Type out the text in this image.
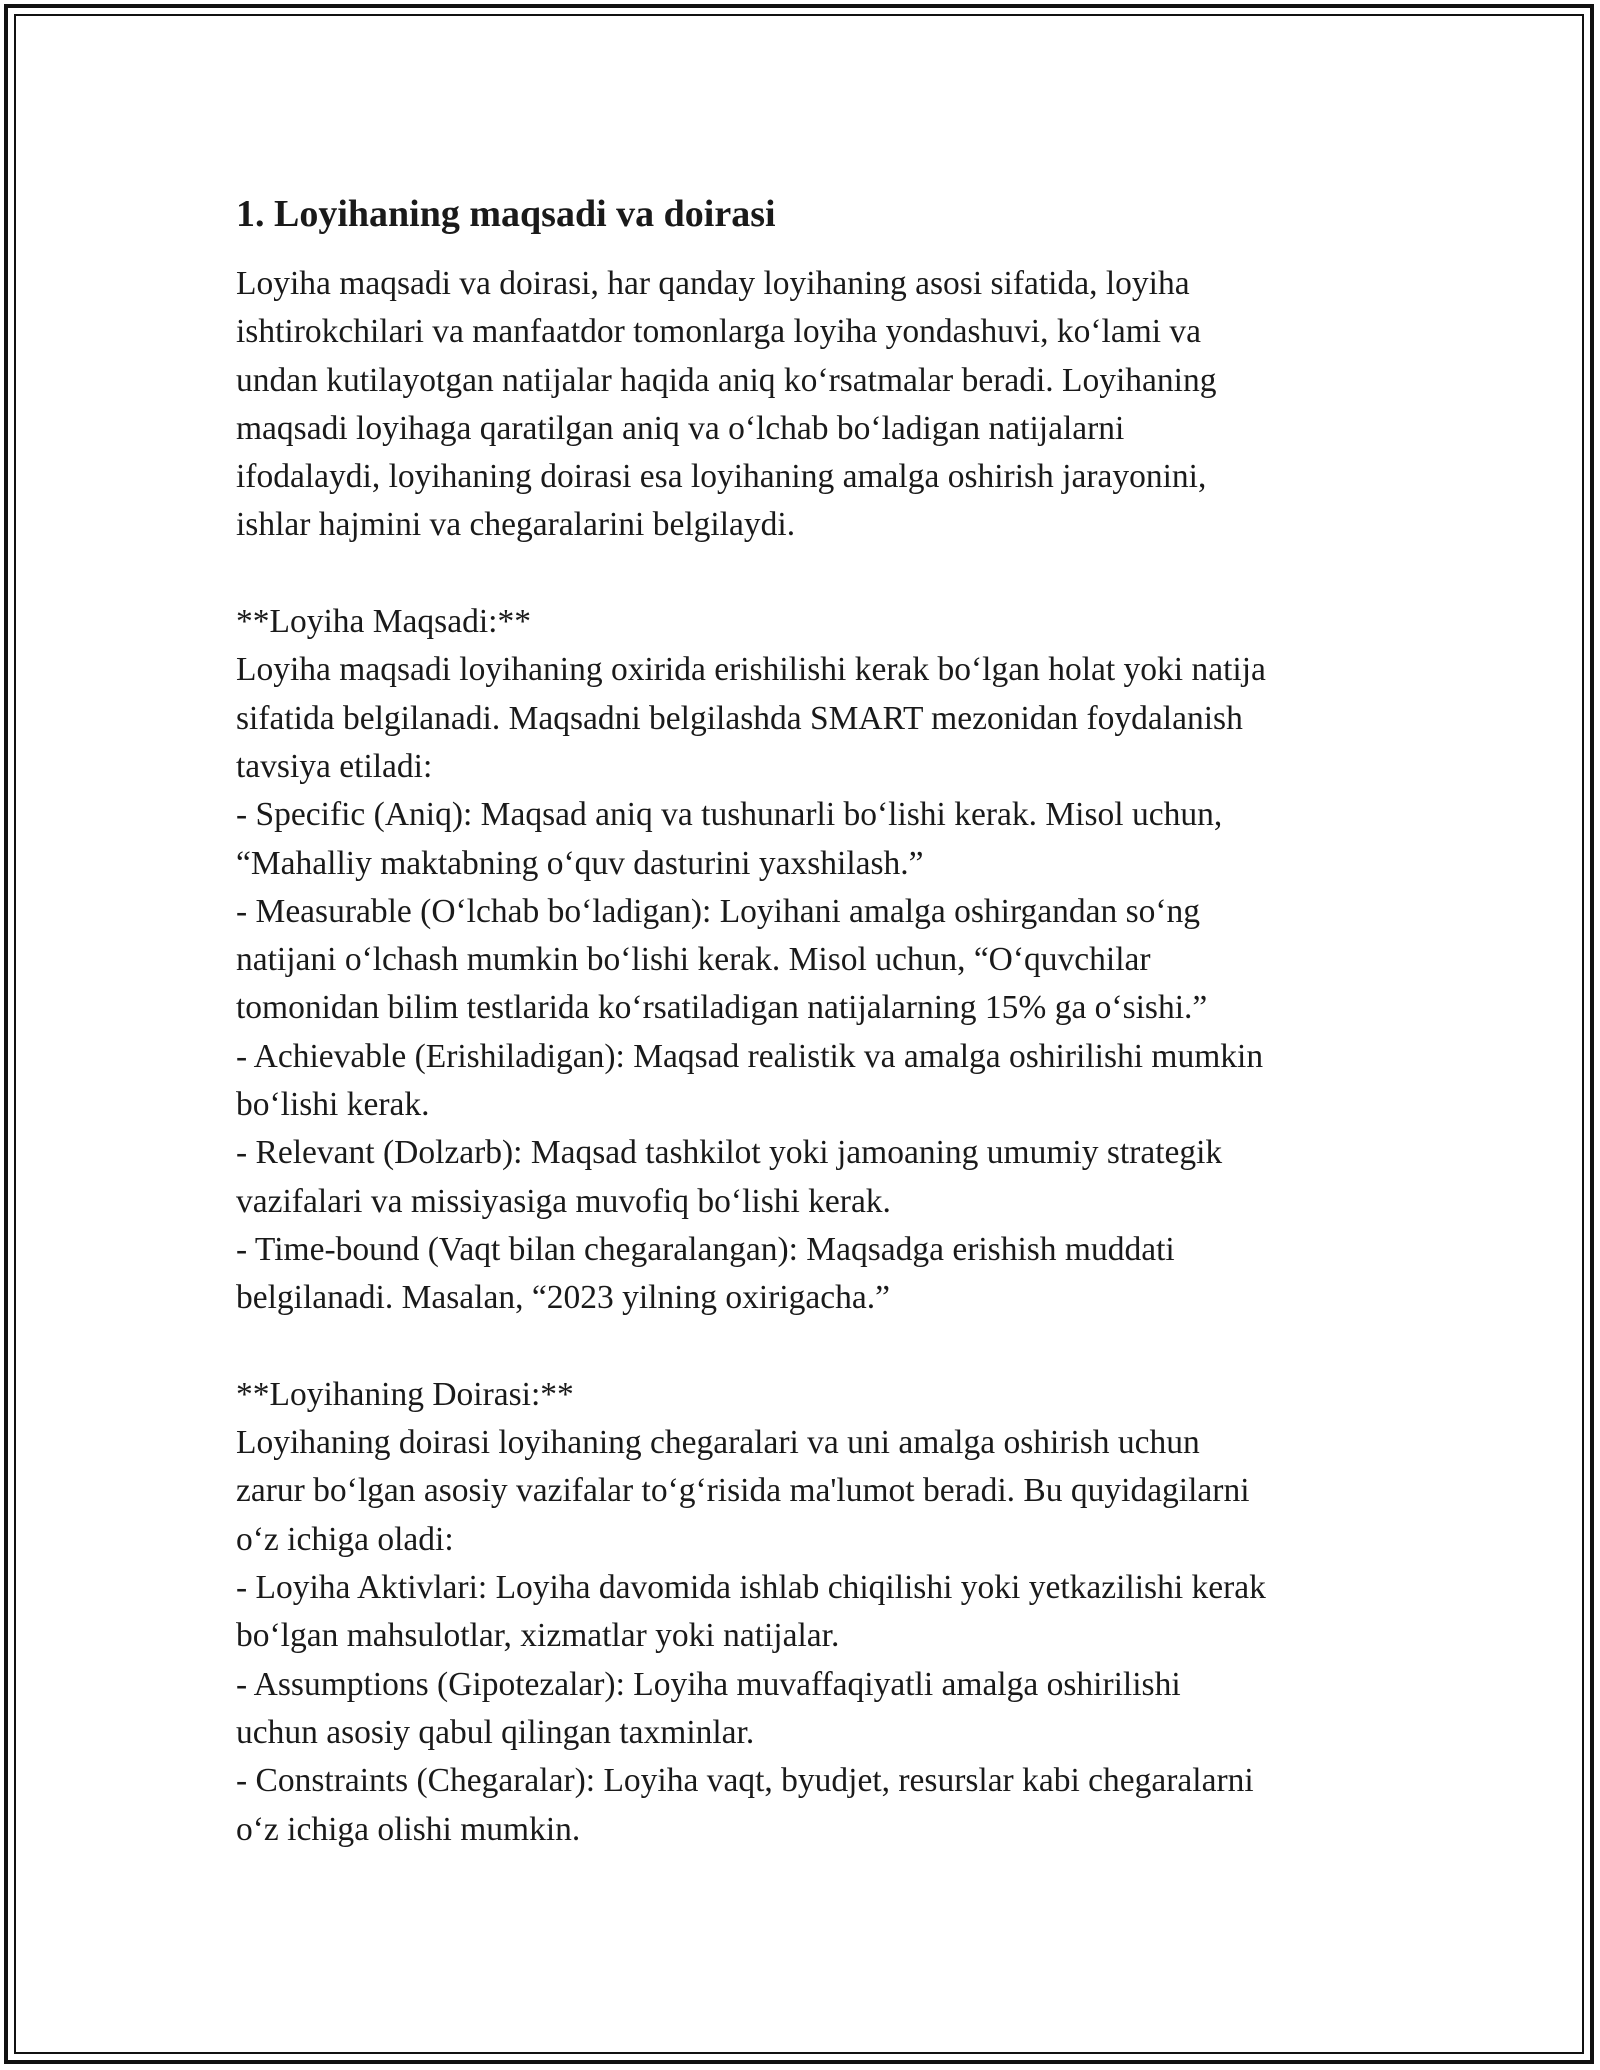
1. Loyihaning maqsadi va doirasi
Loyiha maqsadi va doirasi, har qanday loyihaning asosi sifatida, loyiha
ishtirokchilari va manfaatdor tomonlarga loyiha yondashuvi, ko‘lami va
undan kutilayotgan natijalar haqida aniq ko‘rsatmalar beradi. Loyihaning
maqsadi loyihaga qaratilgan aniq va o‘lchab bo‘ladigan natijalarni
ifodalaydi, loyihaning doirasi esa loyihaning amalga oshirish jarayonini,
ishlar hajmini va chegaralarini belgilaydi.
**Loyiha Maqsadi:**
Loyiha maqsadi loyihaning oxirida erishilishi kerak bo‘lgan holat yoki natija
sifatida belgilanadi. Maqsadni belgilashda SMART mezonidan foydalanish
tavsiya etiladi:
- Specific (Aniq): Maqsad aniq va tushunarli bo‘lishi kerak. Misol uchun,
“Mahalliy maktabning o‘quv dasturini yaxshilash.”
- Measurable (O‘lchab bo‘ladigan): Loyihani amalga oshirgandan so‘ng
natijani o‘lchash mumkin bo‘lishi kerak. Misol uchun, “O‘quvchilar
tomonidan bilim testlarida ko‘rsatiladigan natijalarning 15% ga o‘sishi.”
- Achievable (Erishiladigan): Maqsad realistik va amalga oshirilishi mumkin
bo‘lishi kerak.
- Relevant (Dolzarb): Maqsad tashkilot yoki jamoaning umumiy strategik
vazifalari va missiyasiga muvofiq bo‘lishi kerak.
- Time-bound (Vaqt bilan chegaralangan): Maqsadga erishish muddati
belgilanadi. Masalan, “2023 yilning oxirigacha.”
**Loyihaning Doirasi:**
Loyihaning doirasi loyihaning chegaralari va uni amalga oshirish uchun
zarur bo‘lgan asosiy vazifalar to‘g‘risida ma'lumot beradi. Bu quyidagilarni
o‘z ichiga oladi:
- Loyiha Aktivlari: Loyiha davomida ishlab chiqilishi yoki yetkazilishi kerak
bo‘lgan mahsulotlar, xizmatlar yoki natijalar.
- Assumptions (Gipotezalar): Loyiha muvaffaqiyatli amalga oshirilishi
uchun asosiy qabul qilingan taxminlar.
- Constraints (Chegaralar): Loyiha vaqt, byudjet, resurslar kabi chegaralarni
o‘z ichiga olishi mumkin.
